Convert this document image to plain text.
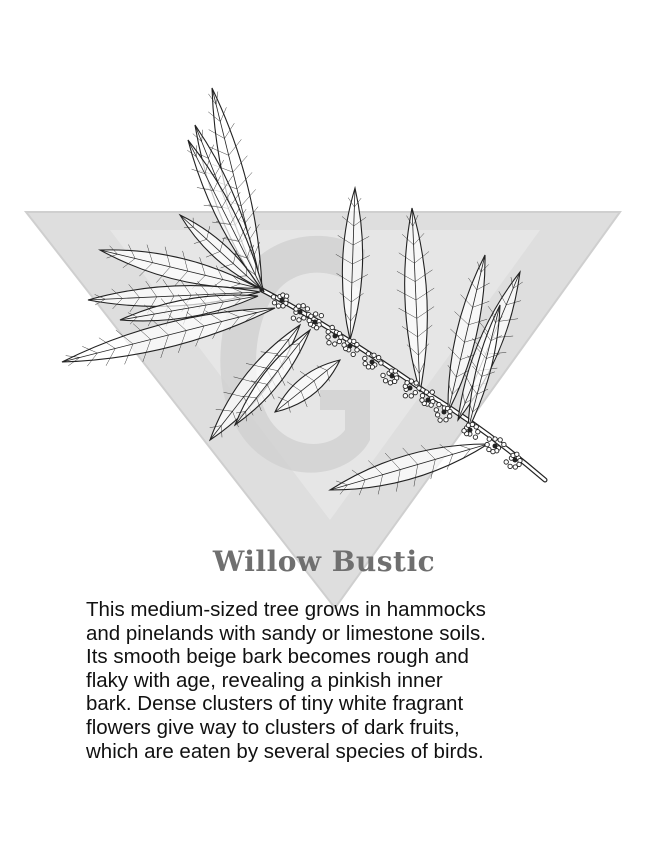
Willow Bustic

This medium-sized tree grows in hammocks
and pinelands with sandy or limestone soils.
Its smooth beige bark becomes rough and
flaky with age, revealing a pinkish inner
bark. Dense clusters of tiny white fragrant
flowers give way to clusters of dark fruits,
which are eaten by several species of birds.
